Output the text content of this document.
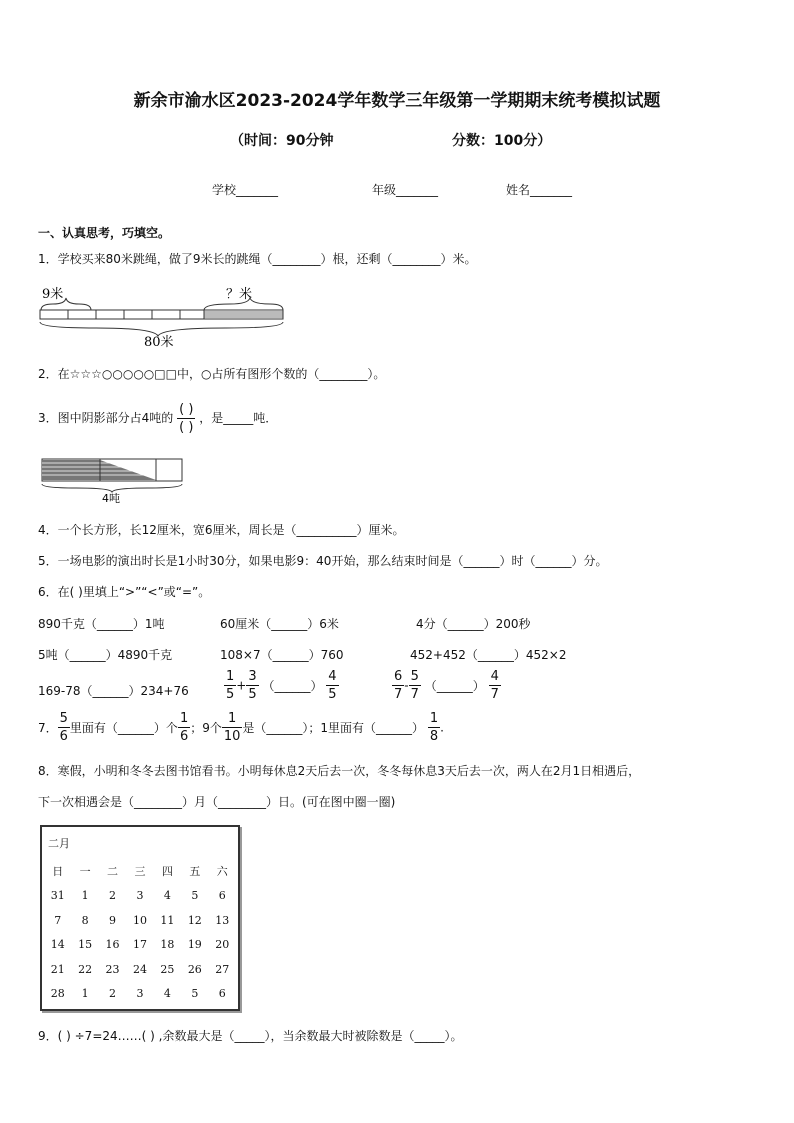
新余市渝水区2023-2024学年数学三年级第一学期期末统考模拟试题
（时间：90分钟	分数：100分）
学校_______	年级_______	姓名_______
一、认真思考，巧填空。
1．学校买来80米跳绳，做了9米长的跳绳（________）根，还剩（________）米。
9米	？米
80米
2．在☆☆☆○○○○○□□中，○占所有图形个数的（________）。
3．图中阴影部分占4吨的 $\frac{( )}{( )}$ ，是_____吨．
4吨
4．一个长方形，长12厘米，宽6厘米，周长是（__________）厘米。
5．一场电影的演出时长是1小时30分，如果电影9：40开始，那么结束时间是（______）时（______）分。
6．在( )里填上“>”“<”或“=”。
890千克（______）1吨	60厘米（______）6米	4分（______）200秒
5吨（______）4890千克	108×7（______）760	452+452（______）452×2
169-78（______）234+76	$\frac{1}{5} + \frac{3}{5}$ （______） $\frac{4}{5}$	$\frac{6}{7} - \frac{5}{7}$ （______） $\frac{4}{7}$
7． $\frac{5}{6}$ 里面有（______）个 $\frac{1}{6}$ ；9个 $\frac{1}{10}$ 是（______）；1里面有（______） $\frac{1}{8}$ .
8．寒假，小明和冬冬去图书馆看书。小明每休息2天后去一次，冬冬每休息3天后去一次，两人在2月1日相遇后，
下一次相遇会是（________）月（________）日。(可在图中圈一圈)
二月
日	一	二	三	四	五	六
31	1	2	3	4	5	6
7	8	9	10	11	12	13
14	15	16	17	18	19	20
21	22	23	24	25	26	27
28	1	2	3	4	5	6
9．( ) ÷7=24……( ) ,余数最大是（_____），当余数最大时被除数是（_____）。
